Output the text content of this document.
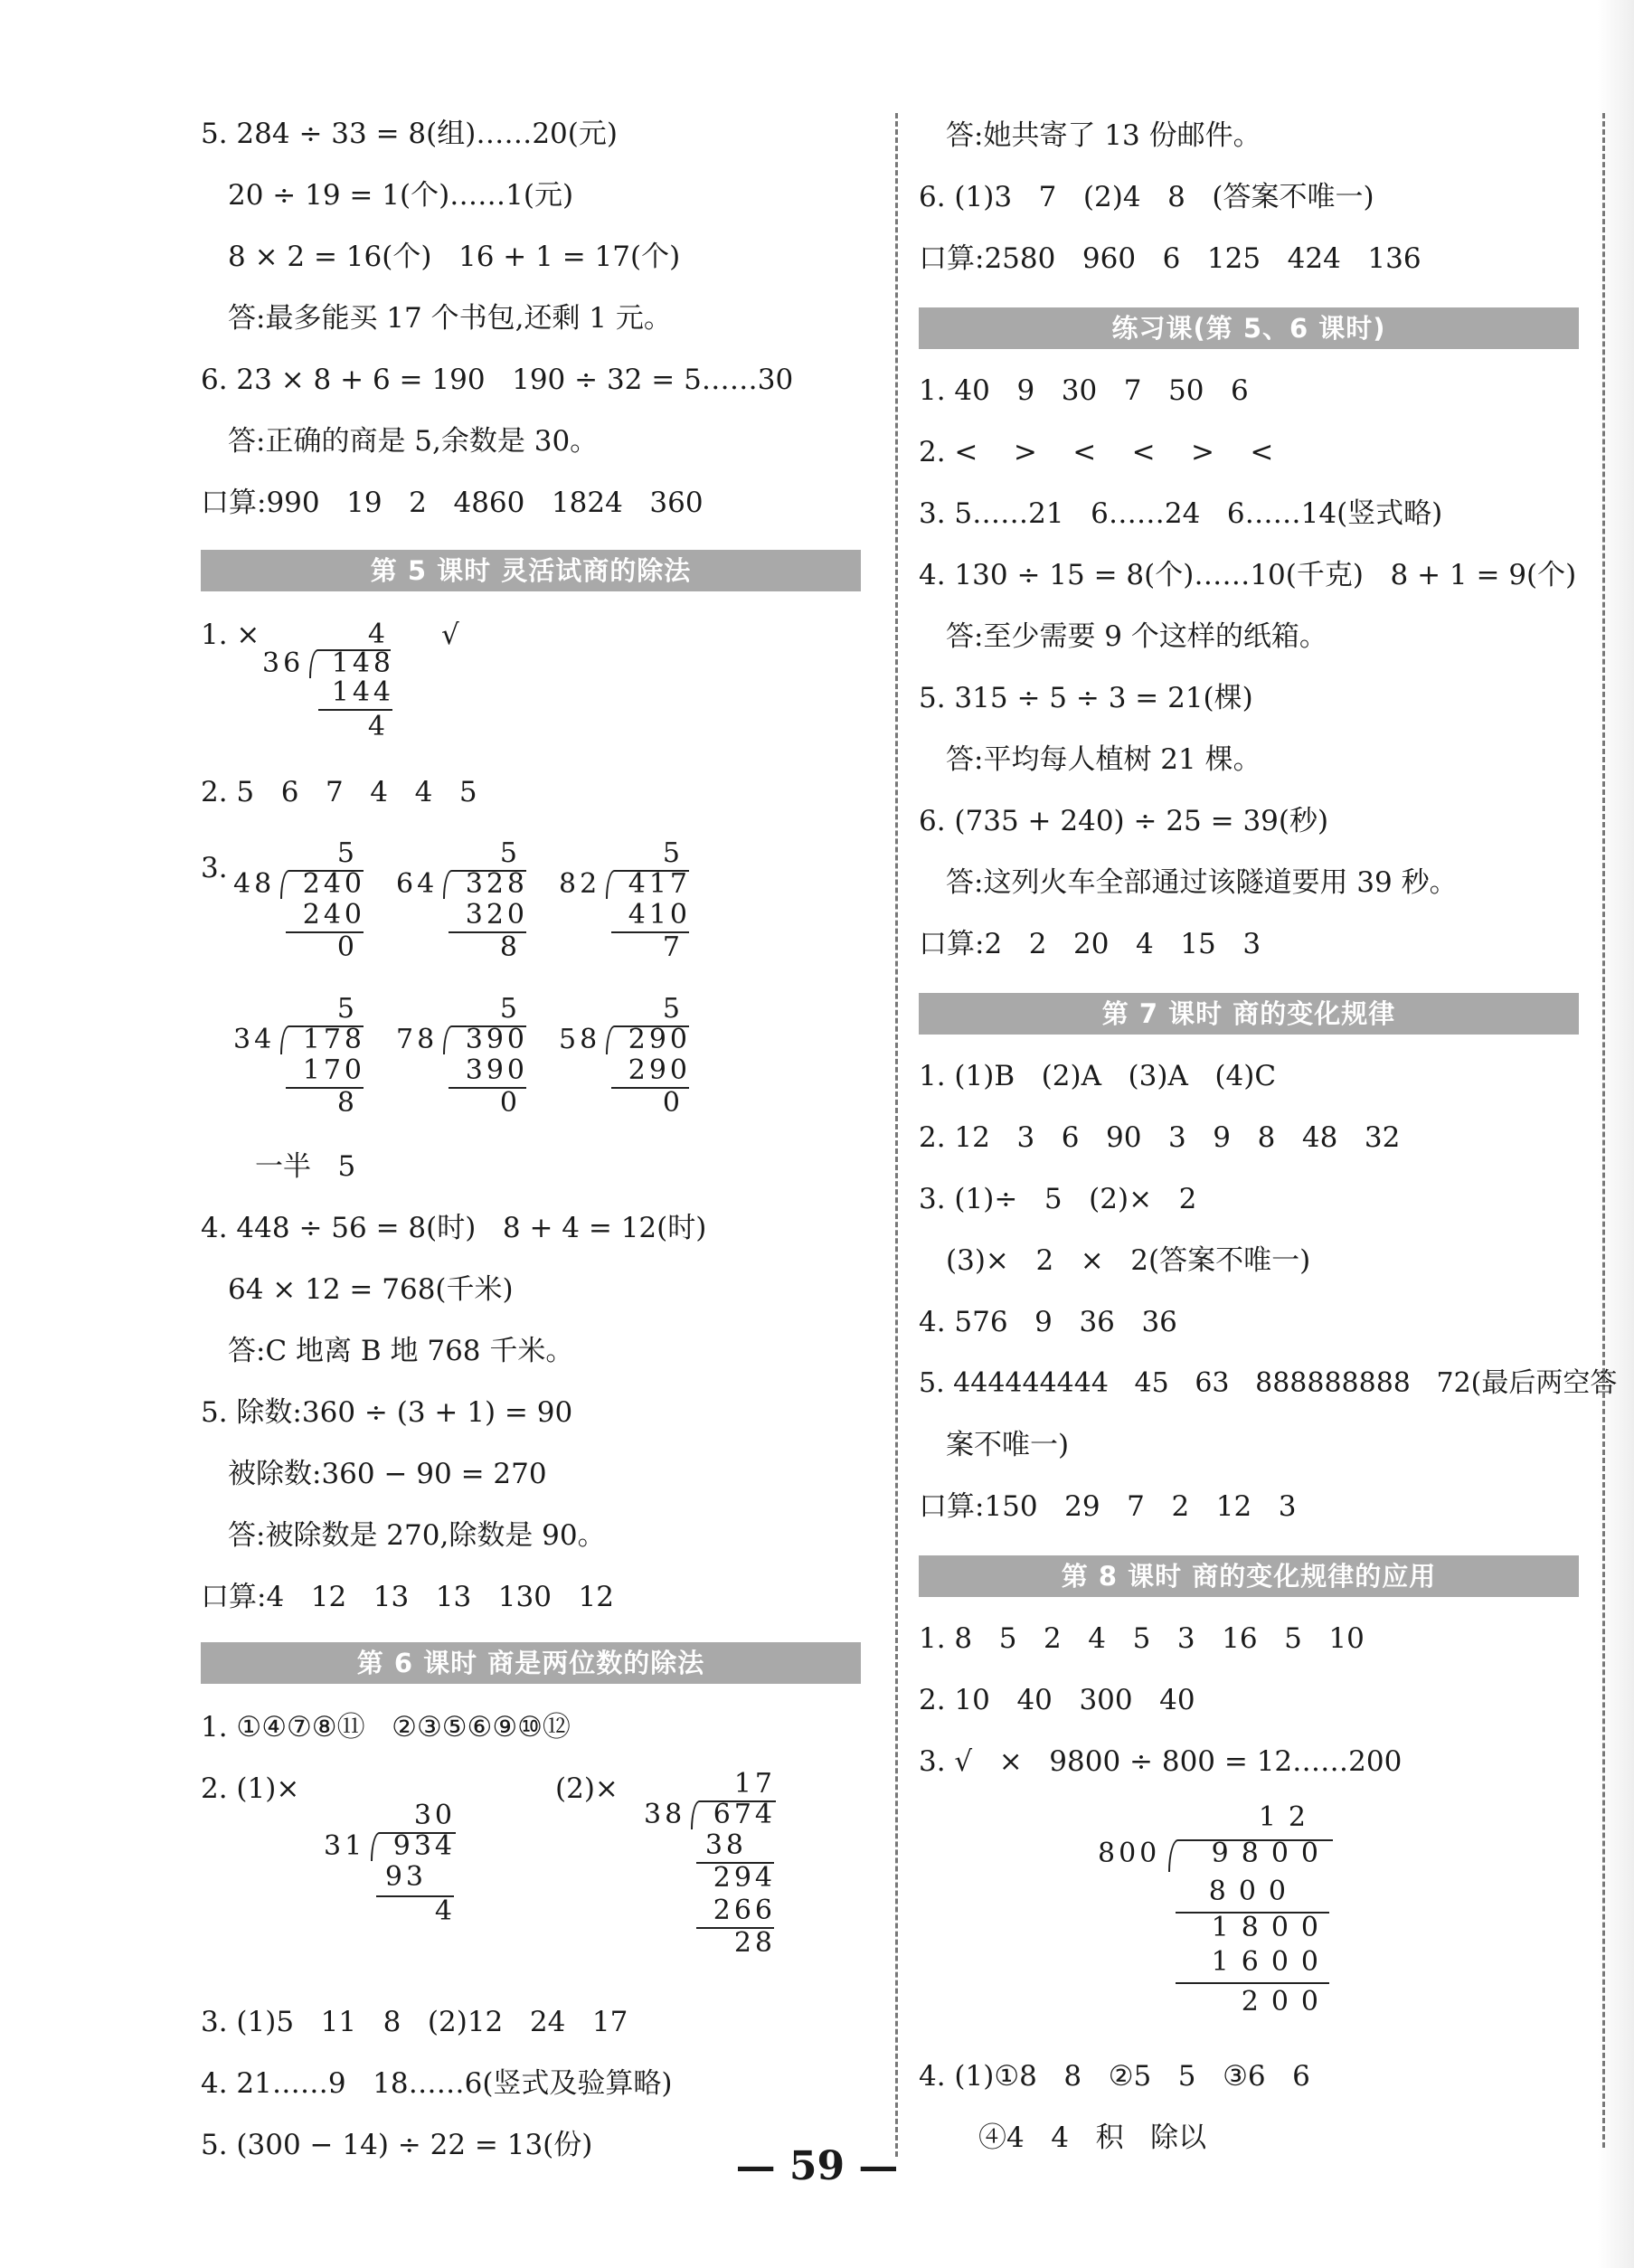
5. 284 ÷ 33 = 8(组)……20(元)
20 ÷ 19 = 1(个)……1(元)
8 × 2 = 16(个)   16 + 1 = 17(个)
答:最多能买 17 个书包,还剩 1 元。
6. 23 × 8 + 6 = 190   190 ÷ 32 = 5……30
答:正确的商是 5,余数是 30。
口算:990   19   2   4860   1824   360
第 5 课时 灵活试商的除法
1. ×	√
36
4
148
144
4
2. 5   6   7   4   4   5
3. 48
5
240
240
0
64
5
328
320
8
82
5
417
410
7
34
5
178
170
8
78
5
390
390
0
58
5
290
290
0
一半   5
4. 448 ÷ 56 = 8(时)   8 + 4 = 12(时)
64 × 12 = 768(千米)
答:C 地离 B 地 768 千米。
5. 除数:360 ÷ (3 + 1) = 90
被除数:360 − 90 = 270
答:被除数是 270,除数是 90。
口算:4   12   13   13   130   12
第 6 课时 商是两位数的除法
1. ①④⑦⑧⑪   ②③⑤⑥⑨⑩⑫
2. (1)×	(2)×
31
30
934
93
4
38
17
674
38
294
266
28
3. (1)5   11   8   (2)12   24   17
4. 21……9   18……6(竖式及验算略)
5. (300 − 14) ÷ 22 = 13(份)
答:她共寄了 13 份邮件。
6. (1)3   7   (2)4   8   (答案不唯一)
口算:2580   960   6   125   424   136
练习课(第 5、6 课时)
1. 40   9   30   7   50   6
2. <    >    <    <    >    <
3. 5……21   6……24   6……14(竖式略)
4. 130 ÷ 15 = 8(个)……10(千克)   8 + 1 = 9(个)
答:至少需要 9 个这样的纸箱。
5. 315 ÷ 5 ÷ 3 = 21(棵)
答:平均每人植树 21 棵。
6. (735 + 240) ÷ 25 = 39(秒)
答:这列火车全部通过该隧道要用 39 秒。
口算:2   2   20   4   15   3
第 7 课时 商的变化规律
1. (1)B   (2)A   (3)A   (4)C
2. 12   3   6   90   3   9   8   48   32
3. (1)÷   5   (2)×   2
(3)×   2   ×   2(答案不唯一)
4. 576   9   36   36
5. 444444444   45   63   888888888   72(最后两空答
案不唯一)
口算:150   29   7   2   12   3
第 8 课时 商的变化规律的应用
1. 8   5   2   4   5   3   16   5   10
2. 10   40   300   40
3. √   ×   9800 ÷ 800 = 12……200
800
12
9800
800
1800
1600
200
4. (1)①8   8   ②5   5   ③6   6
④4   4   积   除以
— 59 —
